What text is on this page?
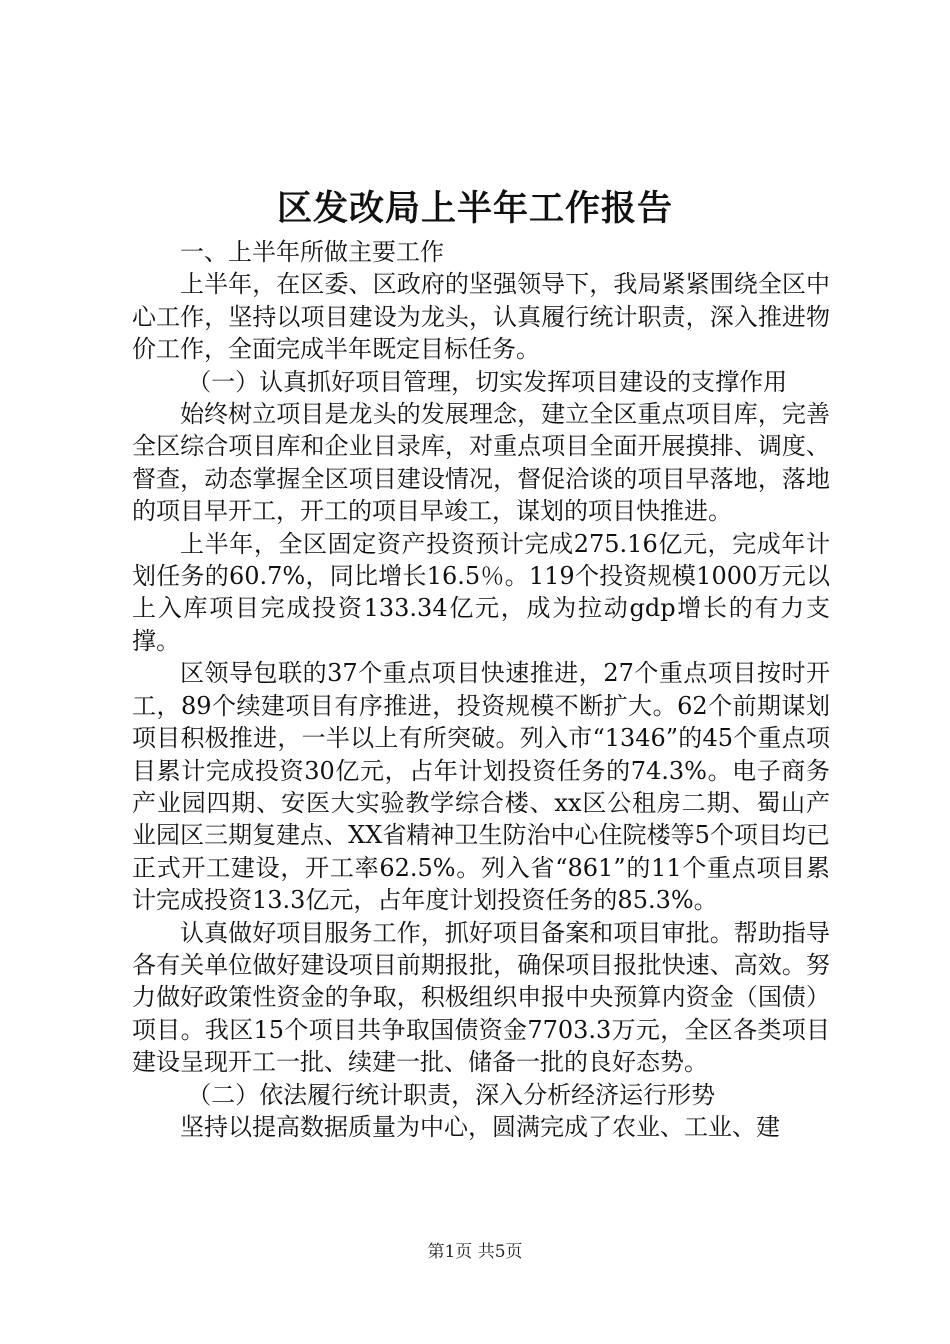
区发改局上半年工作报告

一、上半年所做主要工作

上半年，在区委、区政府的坚强领导下，我局紧紧围绕全区中心工作，坚持以项目建设为龙头，认真履行统计职责，深入推进物价工作，全面完成半年既定目标任务。

（一）认真抓好项目管理，切实发挥项目建设的支撑作用

始终树立项目是龙头的发展理念，建立全区重点项目库，完善全区综合项目库和企业目录库，对重点项目全面开展摸排、调度、督查，动态掌握全区项目建设情况，督促洽谈的项目早落地，落地的项目早开工，开工的项目早竣工，谋划的项目快推进。

上半年，全区固定资产投资预计完成275.16亿元，完成年计划任务的60.7%，同比增长16.5％。119个投资规模1000万元以上入库项目完成投资133.34亿元，成为拉动gdp增长的有力支撑。

区领导包联的37个重点项目快速推进，27个重点项目按时开工，89个续建项目有序推进，投资规模不断扩大。62个前期谋划项目积极推进，一半以上有所突破。列入市“1346”的45个重点项目累计完成投资30亿元，占年计划投资任务的74.3%。电子商务产业园四期、安医大实验教学综合楼、xx区公租房二期、蜀山产业园区三期复建点、XX省精神卫生防治中心住院楼等5个项目均已正式开工建设，开工率62.5%。列入省“861”的11个重点项目累计完成投资13.3亿元，占年度计划投资任务的85.3%。

认真做好项目服务工作，抓好项目备案和项目审批。帮助指导各有关单位做好建设项目前期报批，确保项目报批快速、高效。努力做好政策性资金的争取，积极组织申报中央预算内资金（国债）项目。我区15个项目共争取国债资金7703.3万元，全区各类项目建设呈现开工一批、续建一批、储备一批的良好态势。

（二）依法履行统计职责，深入分析经济运行形势

坚持以提高数据质量为中心，圆满完成了农业、工业、建

第1页 共5页
